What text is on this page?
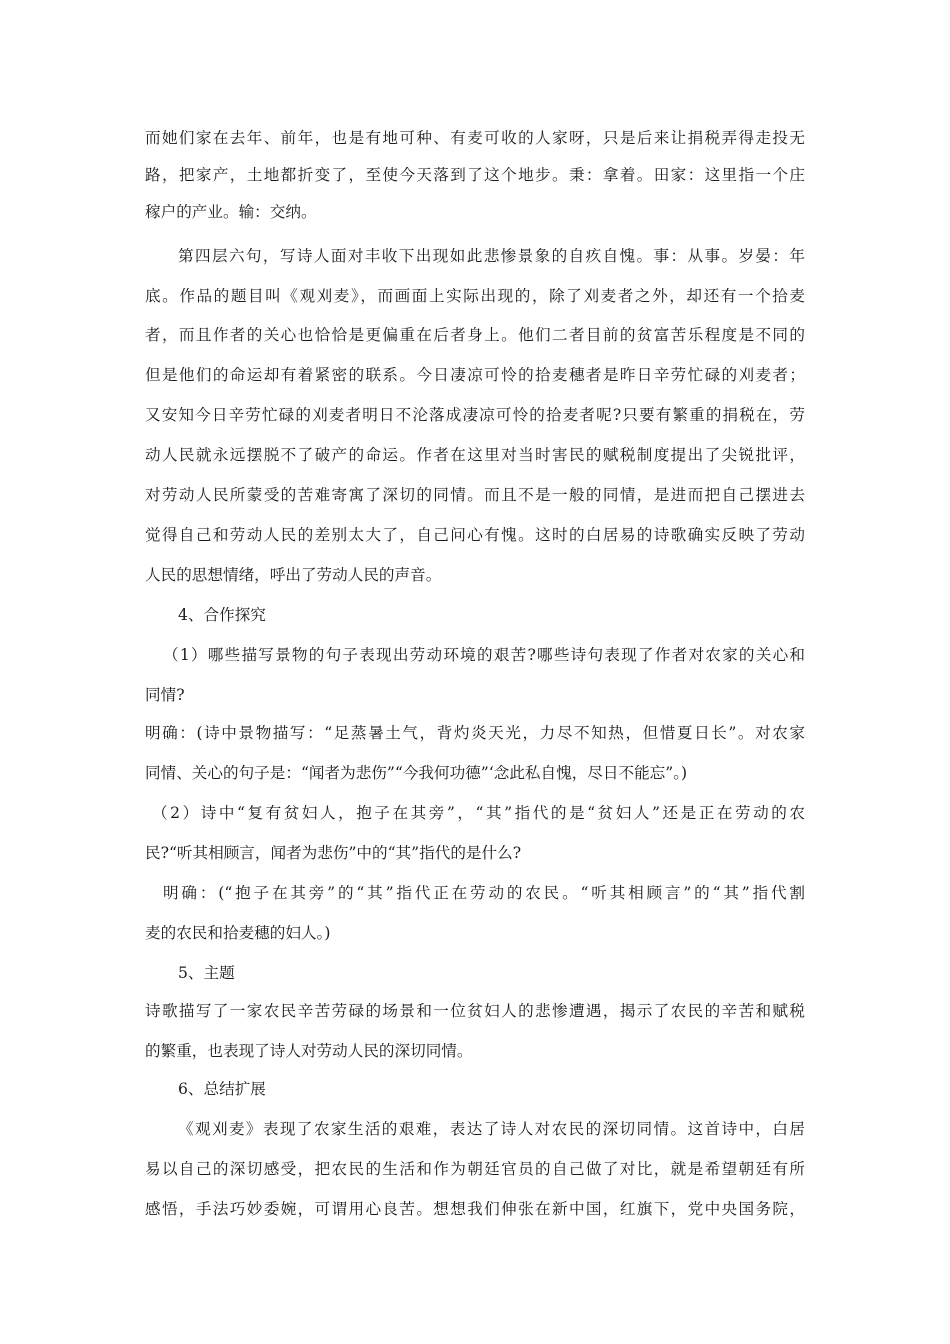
而她们家在去年、前年，也是有地可种、有麦可收的人家呀，只是后来让捐税弄得走投无
路，把家产，土地都折变了，至使今天落到了这个地步。秉：拿着。田家：这里指一个庄
稼户的产业。输：交纳。
第四层六句，写诗人面对丰收下出现如此悲惨景象的自疚自愧。事：从事。岁晏：年
底。作品的题目叫《观刈麦》，而画面上实际出现的，除了刈麦者之外，却还有一个拾麦
者，而且作者的关心也恰恰是更偏重在后者身上。他们二者目前的贫富苦乐程度是不同的
但是他们的命运却有着紧密的联系。今日凄凉可怜的拾麦穗者是昨日辛劳忙碌的刈麦者；
又安知今日辛劳忙碌的刈麦者明日不沦落成凄凉可怜的拾麦者呢?只要有繁重的捐税在，劳
动人民就永远摆脱不了破产的命运。作者在这里对当时害民的赋税制度提出了尖锐批评，
对劳动人民所蒙受的苦难寄寓了深切的同情。而且不是一般的同情，是进而把自己摆进去
觉得自己和劳动人民的差别太大了，自己问心有愧。这时的白居易的诗歌确实反映了劳动
人民的思想情绪，呼出了劳动人民的声音。
4、合作探究
（1）哪些描写景物的句子表现出劳动环境的艰苦?哪些诗句表现了作者对农家的关心和
同情?
明确：(诗中景物描写：“足蒸暑土气，背灼炎天光，力尽不知热，但惜夏日长”。对农家
同情、关心的句子是：“闻者为悲伤”“今我何功德”‘念此私自愧，尽日不能忘”。)
（2）诗中“复有贫妇人，抱子在其旁”，“其”指代的是“贫妇人”还是正在劳动的农
民?“听其相顾言，闻者为悲伤”中的“其”指代的是什么?
明确：(“抱子在其旁”的“其”指代正在劳动的农民。“听其相顾言”的“其”指代割
麦的农民和拾麦穗的妇人。)
5、主题
诗歌描写了一家农民辛苦劳碌的场景和一位贫妇人的悲惨遭遇，揭示了农民的辛苦和赋税
的繁重，也表现了诗人对劳动人民的深切同情。
6、总结扩展
《观刈麦》表现了农家生活的艰难，表达了诗人对农民的深切同情。这首诗中，白居
易以自己的深切感受，把农民的生活和作为朝廷官员的自己做了对比，就是希望朝廷有所
感悟，手法巧妙委婉，可谓用心良苦。想想我们伸张在新中国，红旗下，党中央国务院，
